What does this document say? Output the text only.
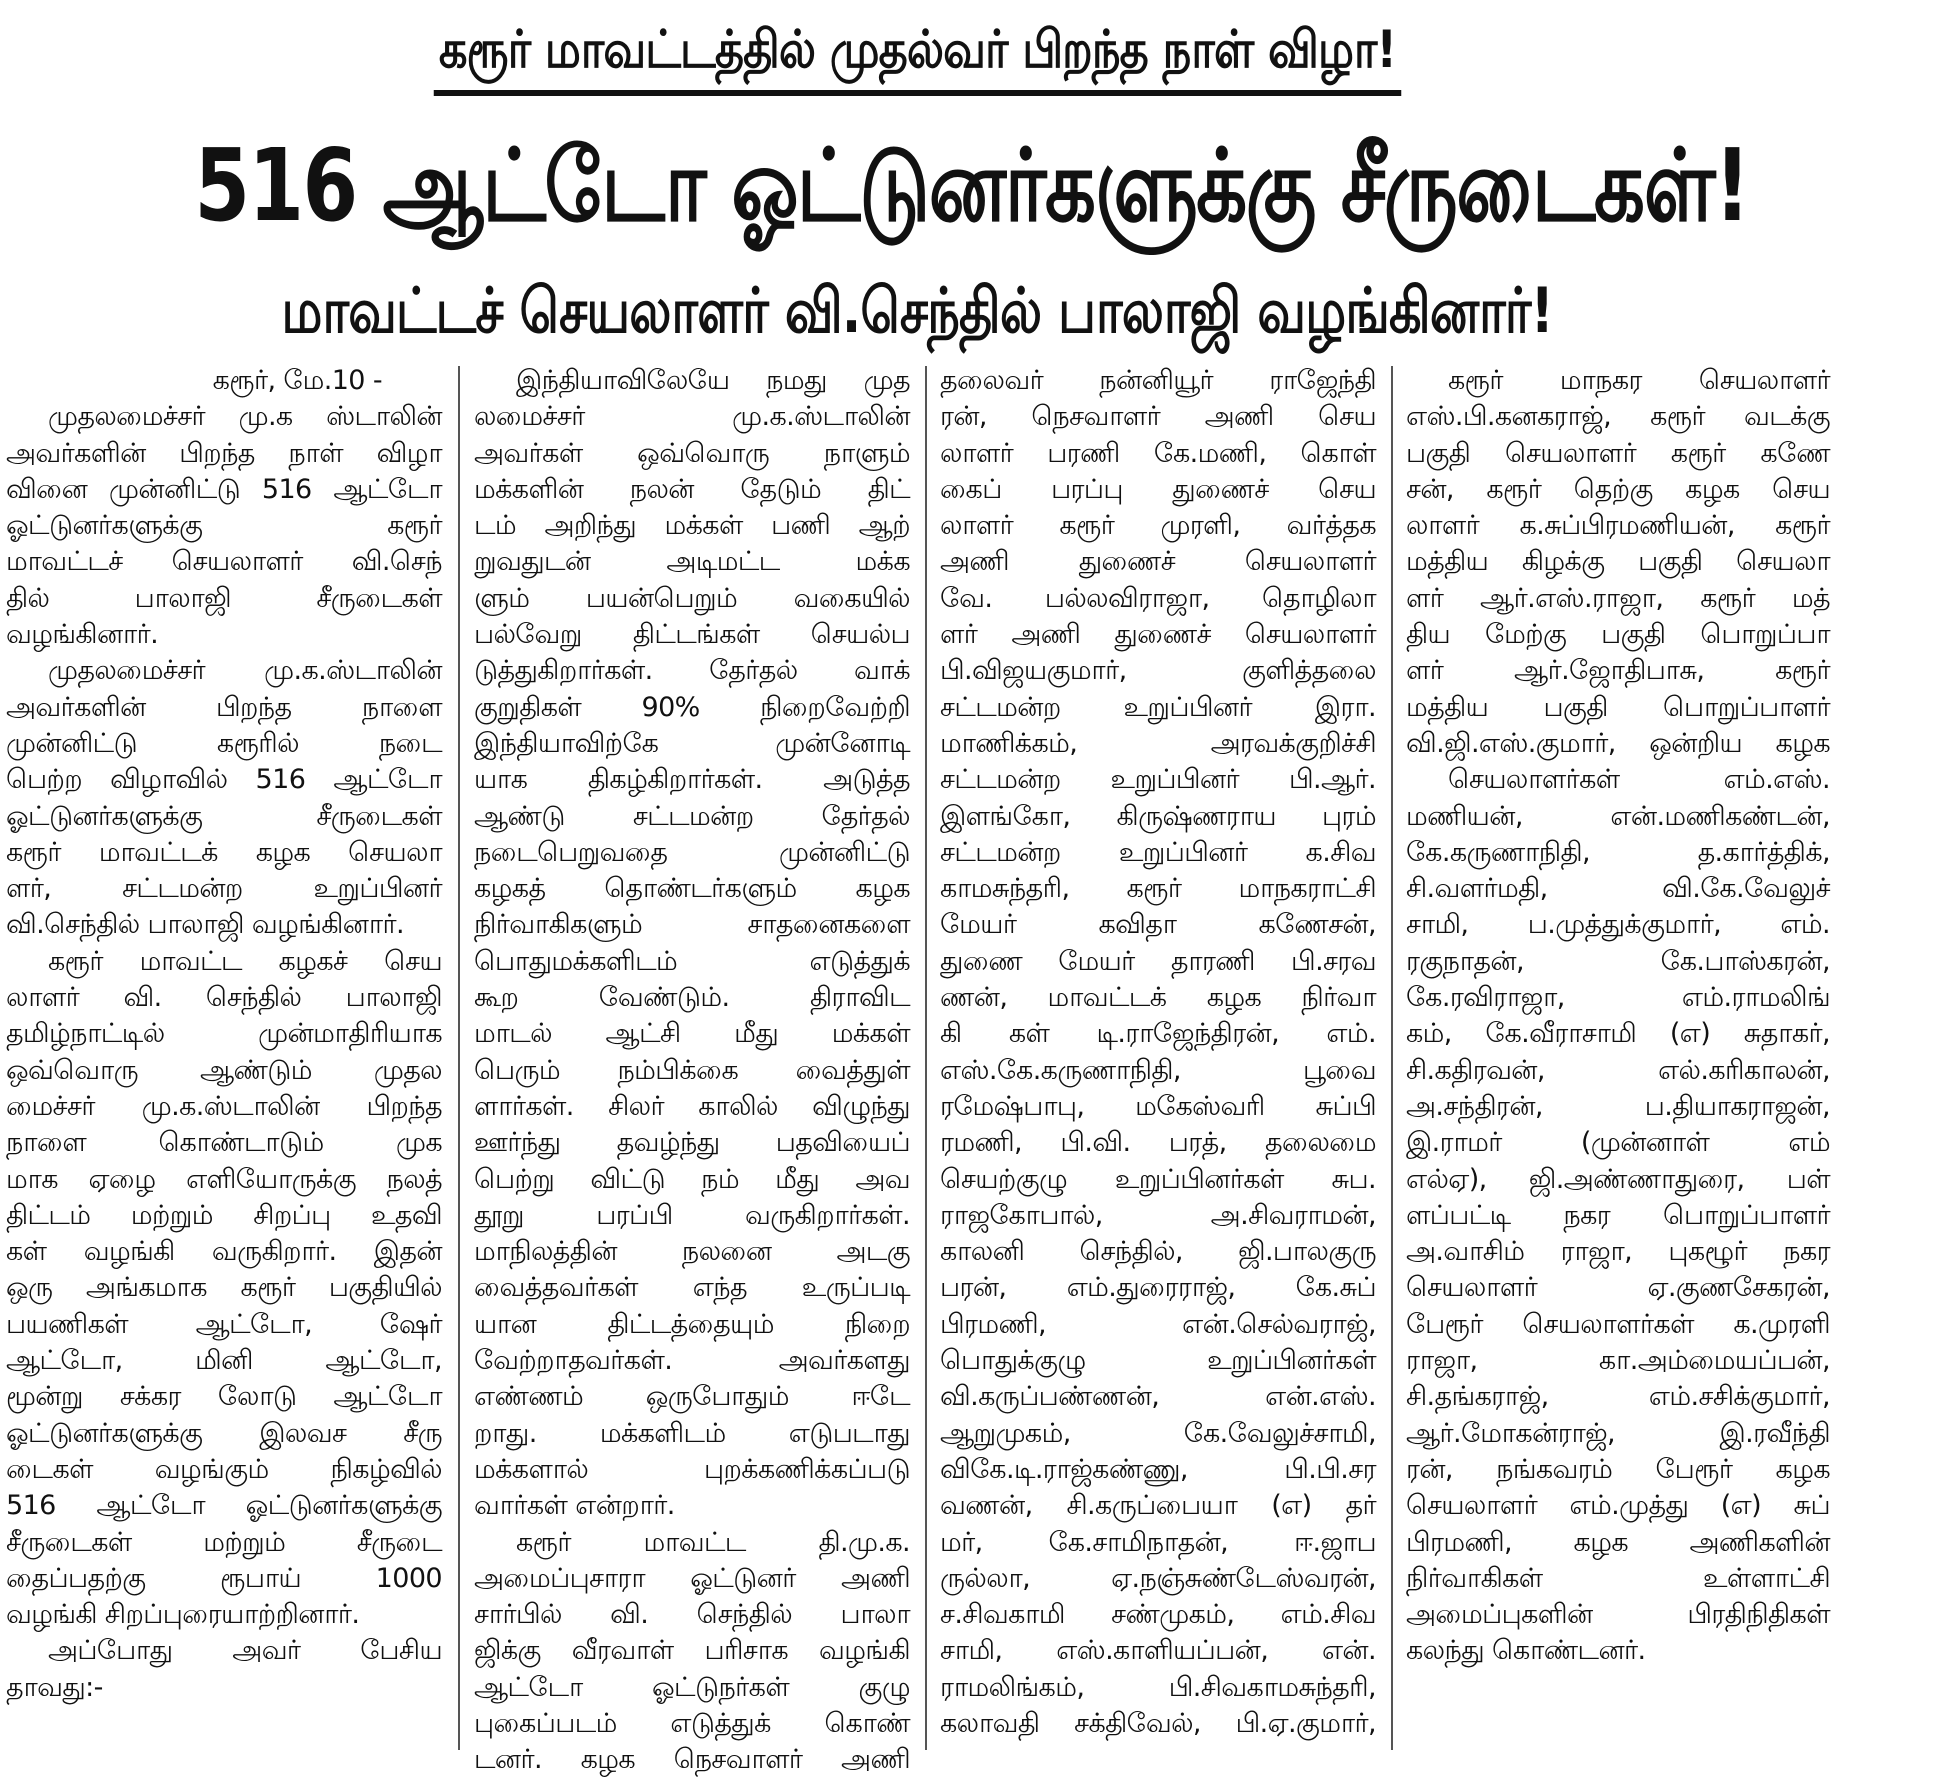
கரூர் மாவட்டத்தில் முதல்வர் பிறந்த நாள் விழா!
516 ஆட்டோ ஓட்டுனர்களுக்கு சீருடைகள்!
மாவட்டச் செயலாளர் வி.செந்தில் பாலாஜி வழங்கினார்!
கரூர், மே.10 -
முதலமைச்சர் மு.க ஸ்டாலின்
அவர்களின் பிறந்த நாள் விழா
வினை முன்னிட்டு 516 ஆட்டோ
ஓட்டுனர்களுக்கு கரூர்
மாவட்டச் செயலாளர் வி.செந்
தில் பாலாஜி சீருடைகள்
வழங்கினார்.
முதலமைச்சர் மு.க.ஸ்டாலின்
அவர்களின் பிறந்த நாளை
முன்னிட்டு கரூரில் நடை
பெற்ற விழாவில் 516 ஆட்டோ
ஓட்டுனர்களுக்கு சீருடைகள்
கரூர் மாவட்டக் கழக செயலா
ளர், சட்டமன்ற உறுப்பினர்
வி.செந்தில் பாலாஜி வழங்கினார்.
கரூர் மாவட்ட கழகச் செய
லாளர் வி. செந்தில் பாலாஜி
தமிழ்நாட்டில் முன்மாதிரியாக
ஒவ்வொரு ஆண்டும் முதல
மைச்சர் மு.க.ஸ்டாலின் பிறந்த
நாளை கொண்டாடும் முக
மாக ஏழை எளியோருக்கு நலத்
திட்டம் மற்றும் சிறப்பு உதவி
கள் வழங்கி வருகிறார். இதன்
ஒரு அங்கமாக கரூர் பகுதியில்
பயணிகள் ஆட்டோ, ஷேர்
ஆட்டோ, மினி ஆட்டோ,
மூன்று சக்கர லோடு ஆட்டோ
ஓட்டுனர்களுக்கு இலவச சீரு
டைகள் வழங்கும் நிகழ்வில்
516 ஆட்டோ ஓட்டுனர்களுக்கு
சீருடைகள் மற்றும் சீருடை
தைப்பதற்கு ரூபாய் 1000
வழங்கி சிறப்புரையாற்றினார்.
அப்போது அவர் பேசிய
தாவது:-
இந்தியாவிலேயே நமது முத
லமைச்சர் மு.க.ஸ்டாலின்
அவர்கள் ஒவ்வொரு நாளும்
மக்களின் நலன் தேடும் திட்
டம் அறிந்து மக்கள் பணி ஆற்
றுவதுடன் அடிமட்ட மக்க
ளும் பயன்பெறும் வகையில்
பல்வேறு திட்டங்கள் செயல்ப
டுத்துகிறார்கள். தேர்தல் வாக்
குறுதிகள் 90% நிறைவேற்றி
இந்தியாவிற்கே முன்னோடி
யாக திகழ்கிறார்கள். அடுத்த
ஆண்டு சட்டமன்ற தேர்தல்
நடைபெறுவதை முன்னிட்டு
கழகத் தொண்டர்களும் கழக
நிர்வாகிகளும் சாதனைகளை
பொதுமக்களிடம் எடுத்துக்
கூற வேண்டும். திராவிட
மாடல் ஆட்சி மீது மக்கள்
பெரும் நம்பிக்கை வைத்துள்
ளார்கள். சிலர் காலில் விழுந்து
ஊர்ந்து தவழ்ந்து பதவியைப்
பெற்று விட்டு நம் மீது அவ
தூறு பரப்பி வருகிறார்கள்.
மாநிலத்தின் நலனை அடகு
வைத்தவர்கள் எந்த உருப்படி
யான திட்டத்தையும் நிறை
வேற்றாதவர்கள். அவர்களது
எண்ணம் ஒருபோதும் ஈடே
றாது. மக்களிடம் எடுபடாது
மக்களால் புறக்கணிக்கப்படு
வார்கள் என்றார்.
கரூர் மாவட்ட தி.மு.க.
அமைப்புசாரா ஓட்டுனர் அணி
சார்பில் வி. செந்தில் பாலா
ஜிக்கு வீரவாள் பரிசாக வழங்கி
ஆட்டோ ஓட்டுநர்கள் குழு
புகைப்படம் எடுத்துக் கொண்
டனர். கழக நெசவாளர் அணி
தலைவர் நன்னியூர் ராஜேந்தி
ரன், நெசவாளர் அணி செய
லாளர் பரணி கே.மணி, கொள்
கைப் பரப்பு துணைச் செய
லாளர் கரூர் முரளி, வர்த்தக
அணி துணைச் செயலாளர்
வே. பல்லவிராஜா, தொழிலா
ளர் அணி துணைச் செயலாளர்
பி.விஜயகுமார், குளித்தலை
சட்டமன்ற உறுப்பினர் இரா.
மாணிக்கம், அரவக்குறிச்சி
சட்டமன்ற உறுப்பினர் பி.ஆர்.
இளங்கோ, கிருஷ்ணராய புரம்
சட்டமன்ற உறுப்பினர் க.சிவ
காமசுந்தரி, கரூர் மாநகராட்சி
மேயர் கவிதா கணேசன்,
துணை மேயர் தாரணி பி.சரவ
ணன், மாவட்டக் கழக நிர்வா
கி கள் டி.ராஜேந்திரன், எம்.
எஸ்.கே.கருணாநிதி, பூவை
ரமேஷ்பாபு, மகேஸ்வரி சுப்பி
ரமணி, பி.வி. பரத், தலைமை
செயற்குழு உறுப்பினர்கள் சுப.
ராஜகோபால், அ.சிவராமன்,
காலனி செந்தில், ஜி.பாலகுரு
பரன், எம்.துரைராஜ், கே.சுப்
பிரமணி, என்.செல்வராஜ்,
பொதுக்குழு உறுப்பினர்கள்
வி.கருப்பண்ணன், என்.எஸ்.
ஆறுமுகம், கே.வேலுச்சாமி,
விகே.டி.ராஜ்கண்ணு, பி.பி.சர
வணன், சி.கருப்பையா (எ) தர்
மர், கே.சாமிநாதன், ஈ.ஜாப
ருல்லா, ஏ.நஞ்சுண்டேஸ்வரன்,
ச.சிவகாமி சண்முகம், எம்.சிவ
சாமி, எஸ்.காளியப்பன், என்.
ராமலிங்கம், பி.சிவகாமசுந்தரி,
கலாவதி சக்திவேல், பி.ஏ.குமார்,
கரூர் மாநகர செயலாளர்
எஸ்.பி.கனகராஜ், கரூர் வடக்கு
பகுதி செயலாளர் கரூர் கணே
சன், கரூர் தெற்கு கழக செய
லாளர் க.சுப்பிரமணியன், கரூர்
மத்திய கிழக்கு பகுதி செயலா
ளர் ஆர்.எஸ்.ராஜா, கரூர் மத்
திய மேற்கு பகுதி பொறுப்பா
ளர் ஆர்.ஜோதிபாசு, கரூர்
மத்திய பகுதி பொறுப்பாளர்
வி.ஜி.எஸ்.குமார், ஒன்றிய கழக
செயலாளர்கள் எம்.எஸ்.
மணியன், என்.மணிகண்டன்,
கே.கருணாநிதி, த.கார்த்திக்,
சி.வளர்மதி, வி.கே.வேலுச்
சாமி, ப.முத்துக்குமார், எம்.
ரகுநாதன், கே.பாஸ்கரன்,
கே.ரவிராஜா, எம்.ராமலிங்
கம், கே.வீராசாமி (எ) சுதாகர்,
சி.கதிரவன், எல்.கரிகாலன்,
அ.சந்திரன், ப.தியாகராஜன்,
இ.ராமர் (முன்னாள் எம்
எல்ஏ), ஜி.அண்ணாதுரை, பள்
ளப்பட்டி நகர பொறுப்பாளர்
அ.வாசிம் ராஜா, புகழூர் நகர
செயலாளர் ஏ.குணசேகரன்,
பேரூர் செயலாளர்கள் க.முரளி
ராஜா, கா.அம்மையப்பன்,
சி.தங்கராஜ், எம்.சசிக்குமார்,
ஆர்.மோகன்ராஜ், இ.ரவீந்தி
ரன், நங்கவரம் பேரூர் கழக
செயலாளர் எம்.முத்து (எ) சுப்
பிரமணி, கழக அணிகளின்
நிர்வாகிகள் உள்ளாட்சி
அமைப்புகளின் பிரதிநிதிகள்
கலந்து கொண்டனர்.
